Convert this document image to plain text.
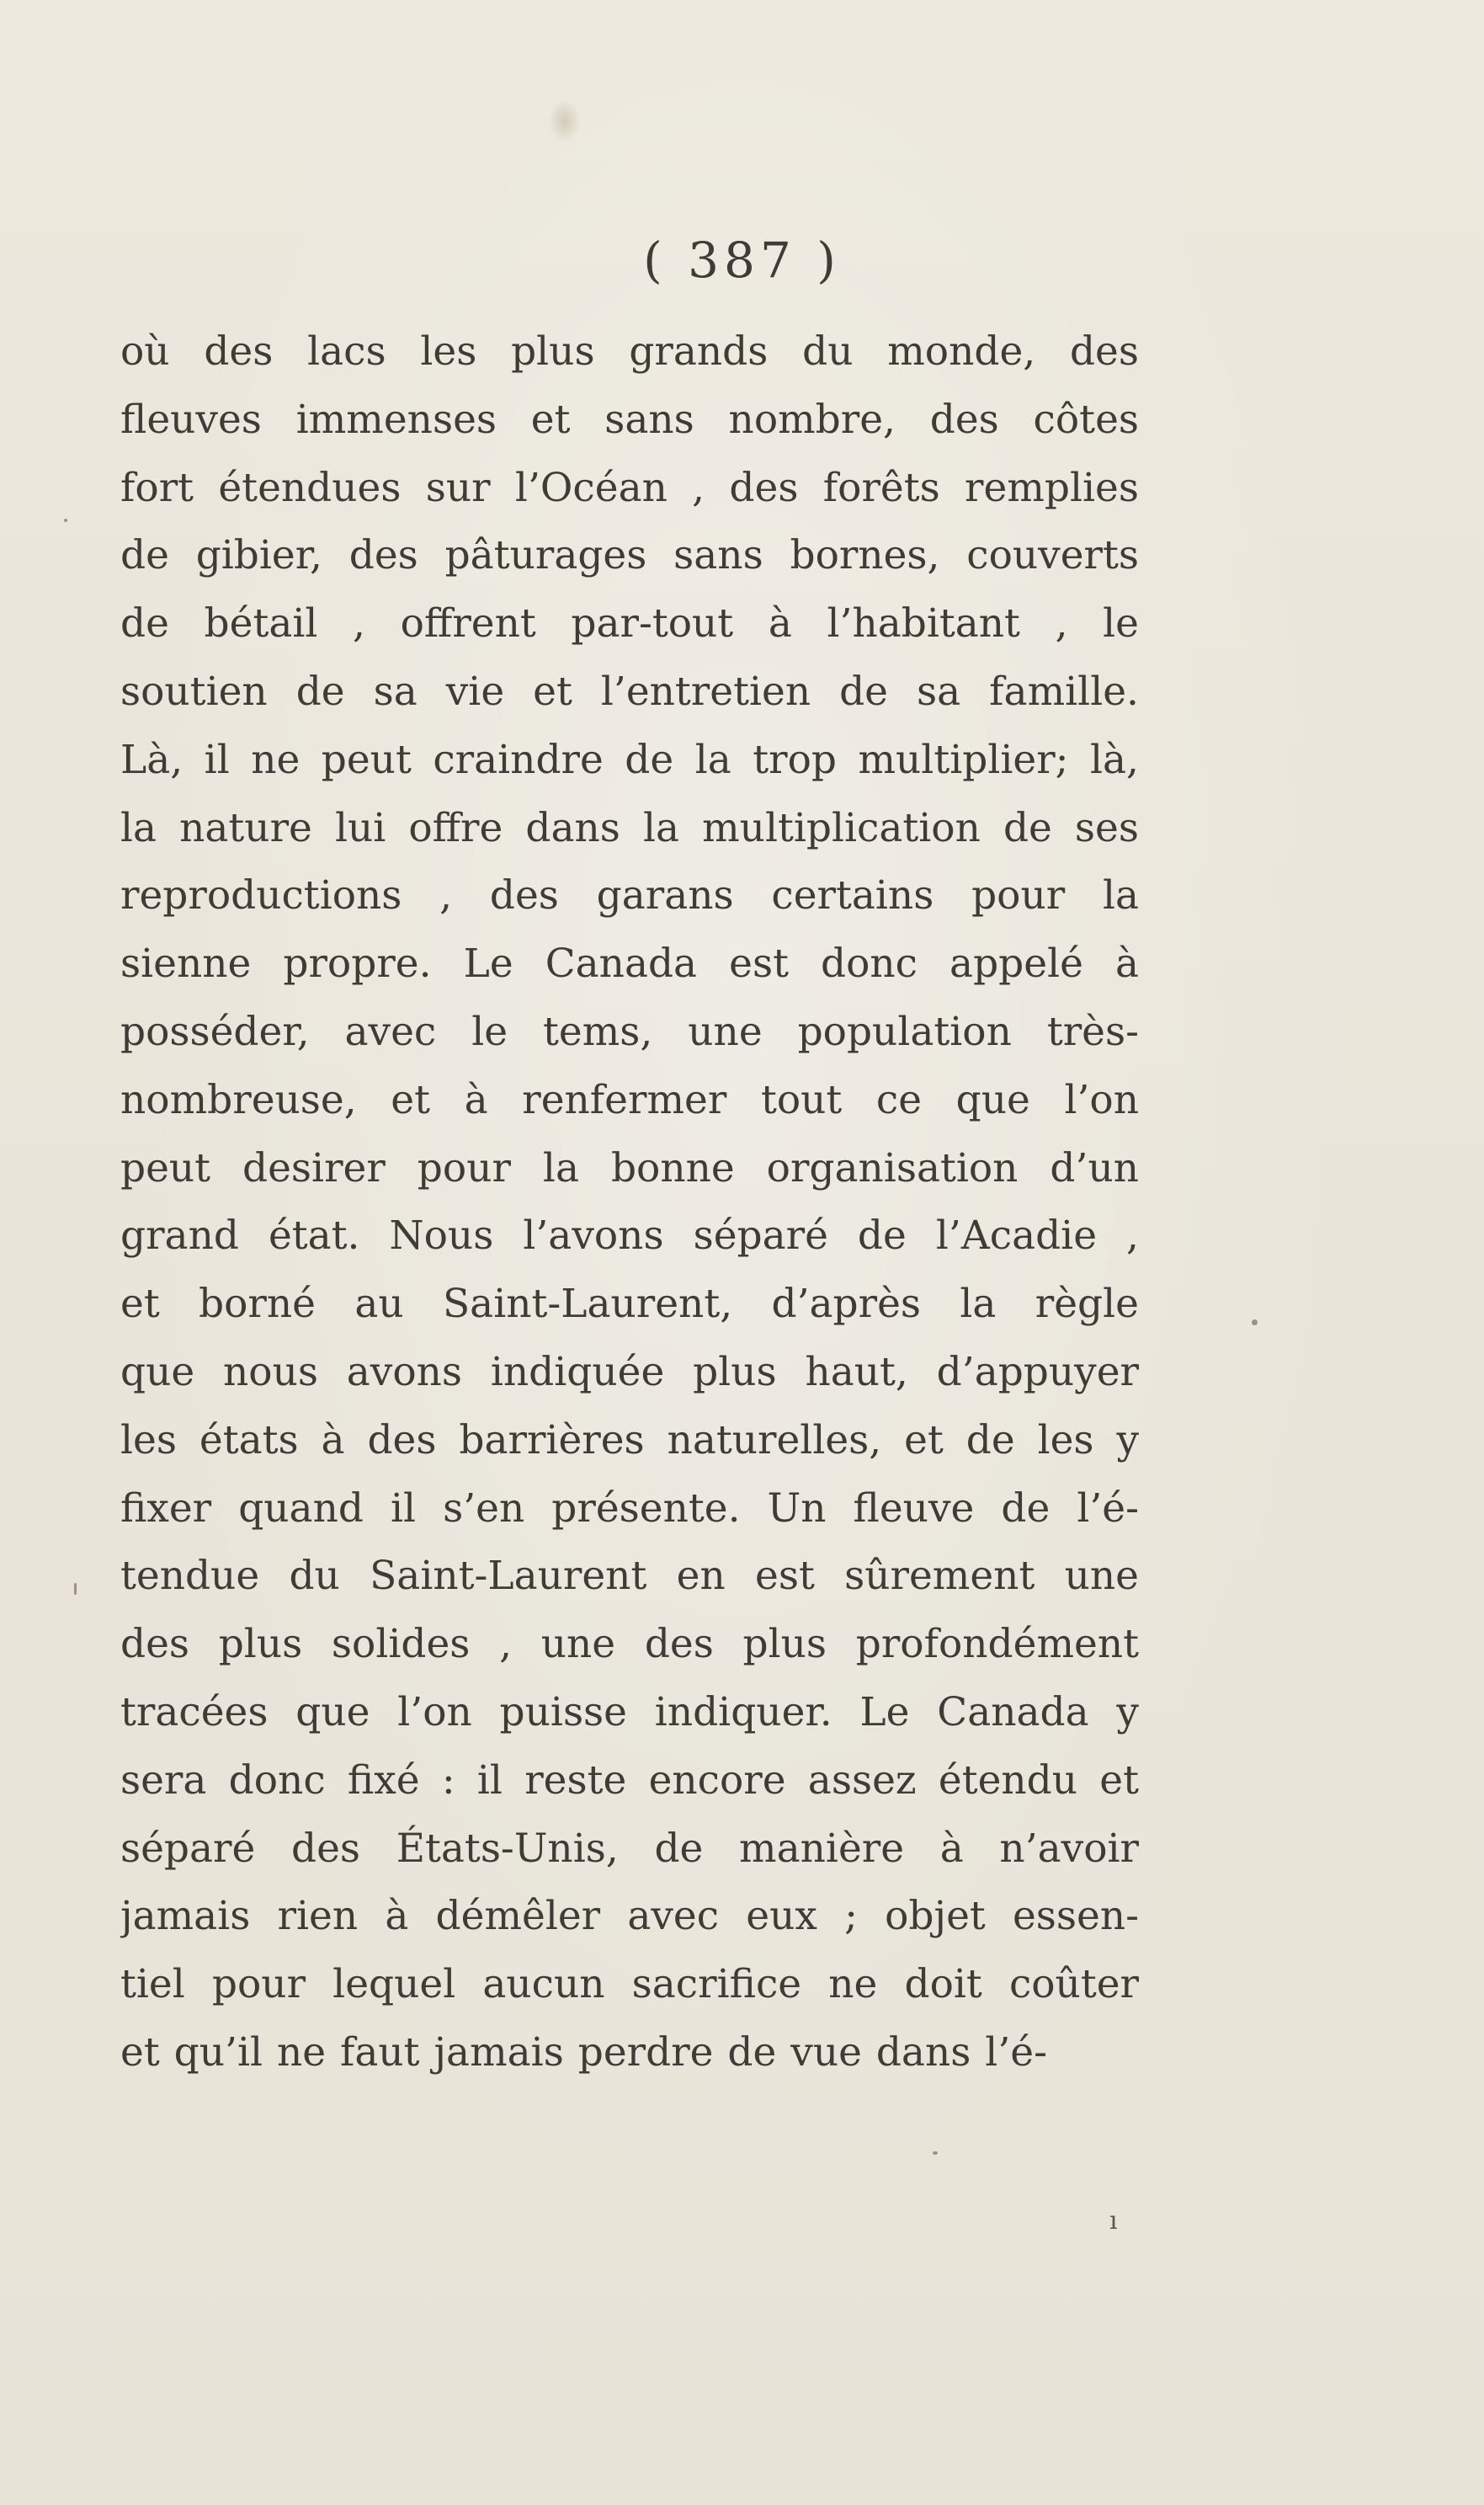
( 387 )
où des lacs les plus grands du monde, des
fleuves immenses et sans nombre, des côtes
fort étendues sur l’Océan , des forêts remplies
de gibier, des pâturages sans bornes, couverts
de bétail , offrent par-tout à l’habitant , le
soutien de sa vie et l’entretien de sa famille.
Là, il ne peut craindre de la trop multiplier; là,
la nature lui offre dans la multiplication de ses
reproductions , des garans certains pour la
sienne propre. Le Canada est donc appelé à
posséder, avec le tems, une population très-
nombreuse, et à renfermer tout ce que l’on
peut desirer pour la bonne organisation d’un
grand état. Nous l’avons séparé de l’Acadie ,
et borné au Saint-Laurent, d’après la règle
que nous avons indiquée plus haut, d’appuyer
les états à des barrières naturelles, et de les y
fixer quand il s’en présente. Un fleuve de l’é-
tendue du Saint-Laurent en est sûrement une
des plus solides , une des plus profondément
tracées que l’on puisse indiquer. Le Canada y
sera donc fixé : il reste encore assez étendu et
séparé des États-Unis, de manière à n’avoir
jamais rien à démêler avec eux ; objet essen-
tiel pour lequel aucun sacrifice ne doit coûter
et qu’il ne faut jamais perdre de vue dans l’é-
ı
